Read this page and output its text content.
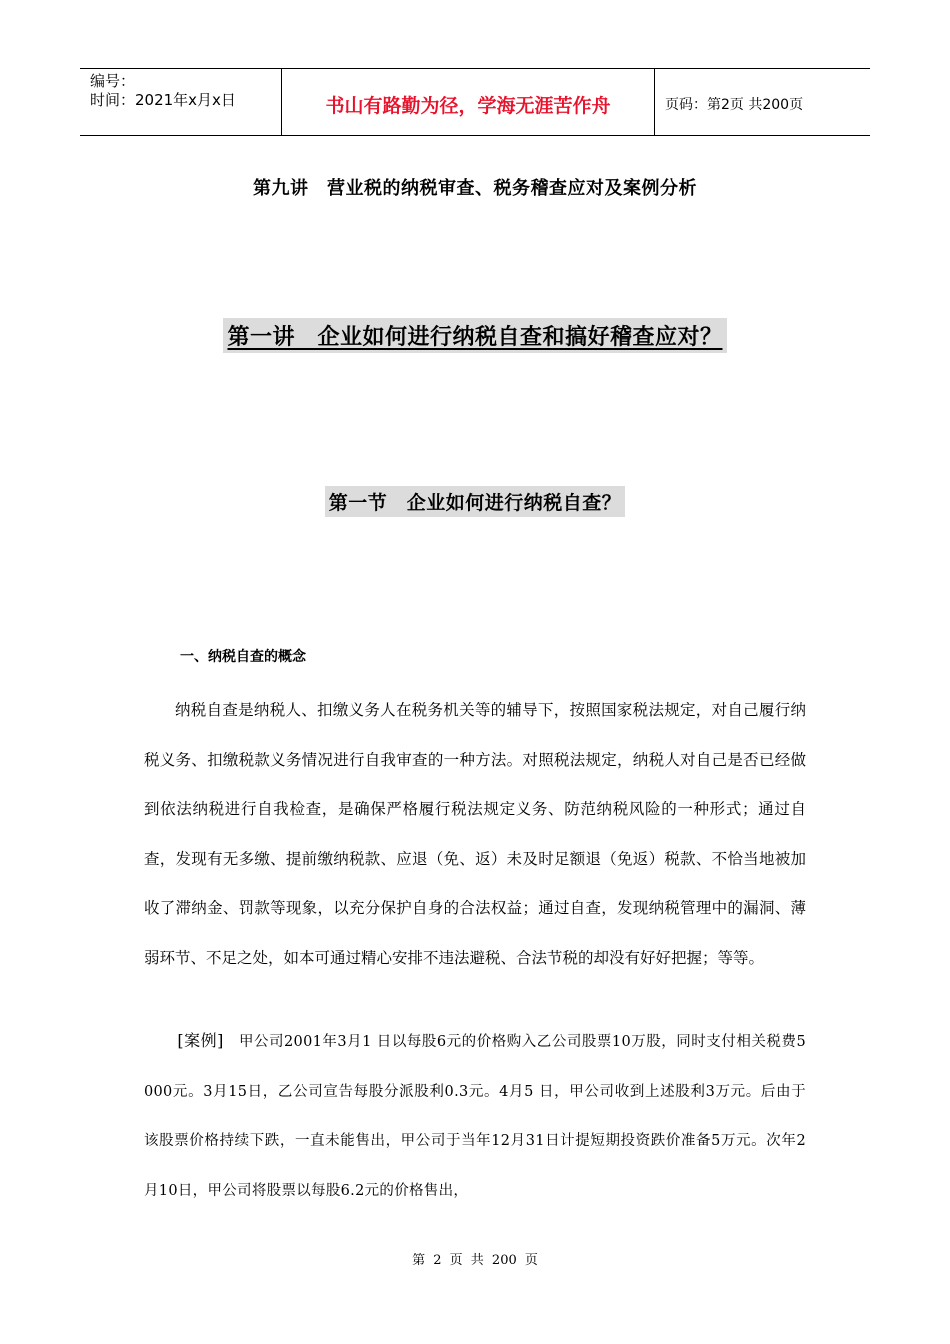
编号：
时间：2021年x月x日	书山有路勤为径，学海无涯苦作舟	页码：第2页 共200页
第九讲　营业税的纳税审查、税务稽查应对及案例分析
第一讲　企业如何进行纳税自查和搞好稽查应对？
第一节　企业如何进行纳税自查？
一、纳税自查的概念

纳税自查是纳税人、扣缴义务人在税务机关等的辅导下，按照国家税法规定，对自己履行纳税义务、扣缴税款义务情况进行自我审查的一种方法。对照税法规定，纳税人对自己是否已经做到依法纳税进行自我检查，是确保严格履行税法规定义务、防范纳税风险的一种形式；通过自查，发现有无多缴、提前缴纳税款、应退（免、返）未及时足额退（免返）税款、不恰当地被加收了滞纳金、罚款等现象，以充分保护自身的合法权益；通过自查，发现纳税管理中的漏洞、薄弱环节、不足之处，如本可通过精心安排不违法避税、合法节税的却没有好好把握；等等。

[案例]　 甲公司2001年3月1 日以每股6元的价格购入乙公司股票10万股，同时支付相关税费5 000元。3月15日，乙公司宣告每股分派股利0.3元。4月5 日，甲公司收到上述股利3万元。后由于该股票价格持续下跌，一直未能售出，甲公司于当年12月31日计提短期投资跌价准备5万元。次年2月10日，甲公司将股票以每股6.2元的价格售出，

第 2 页 共 200 页
